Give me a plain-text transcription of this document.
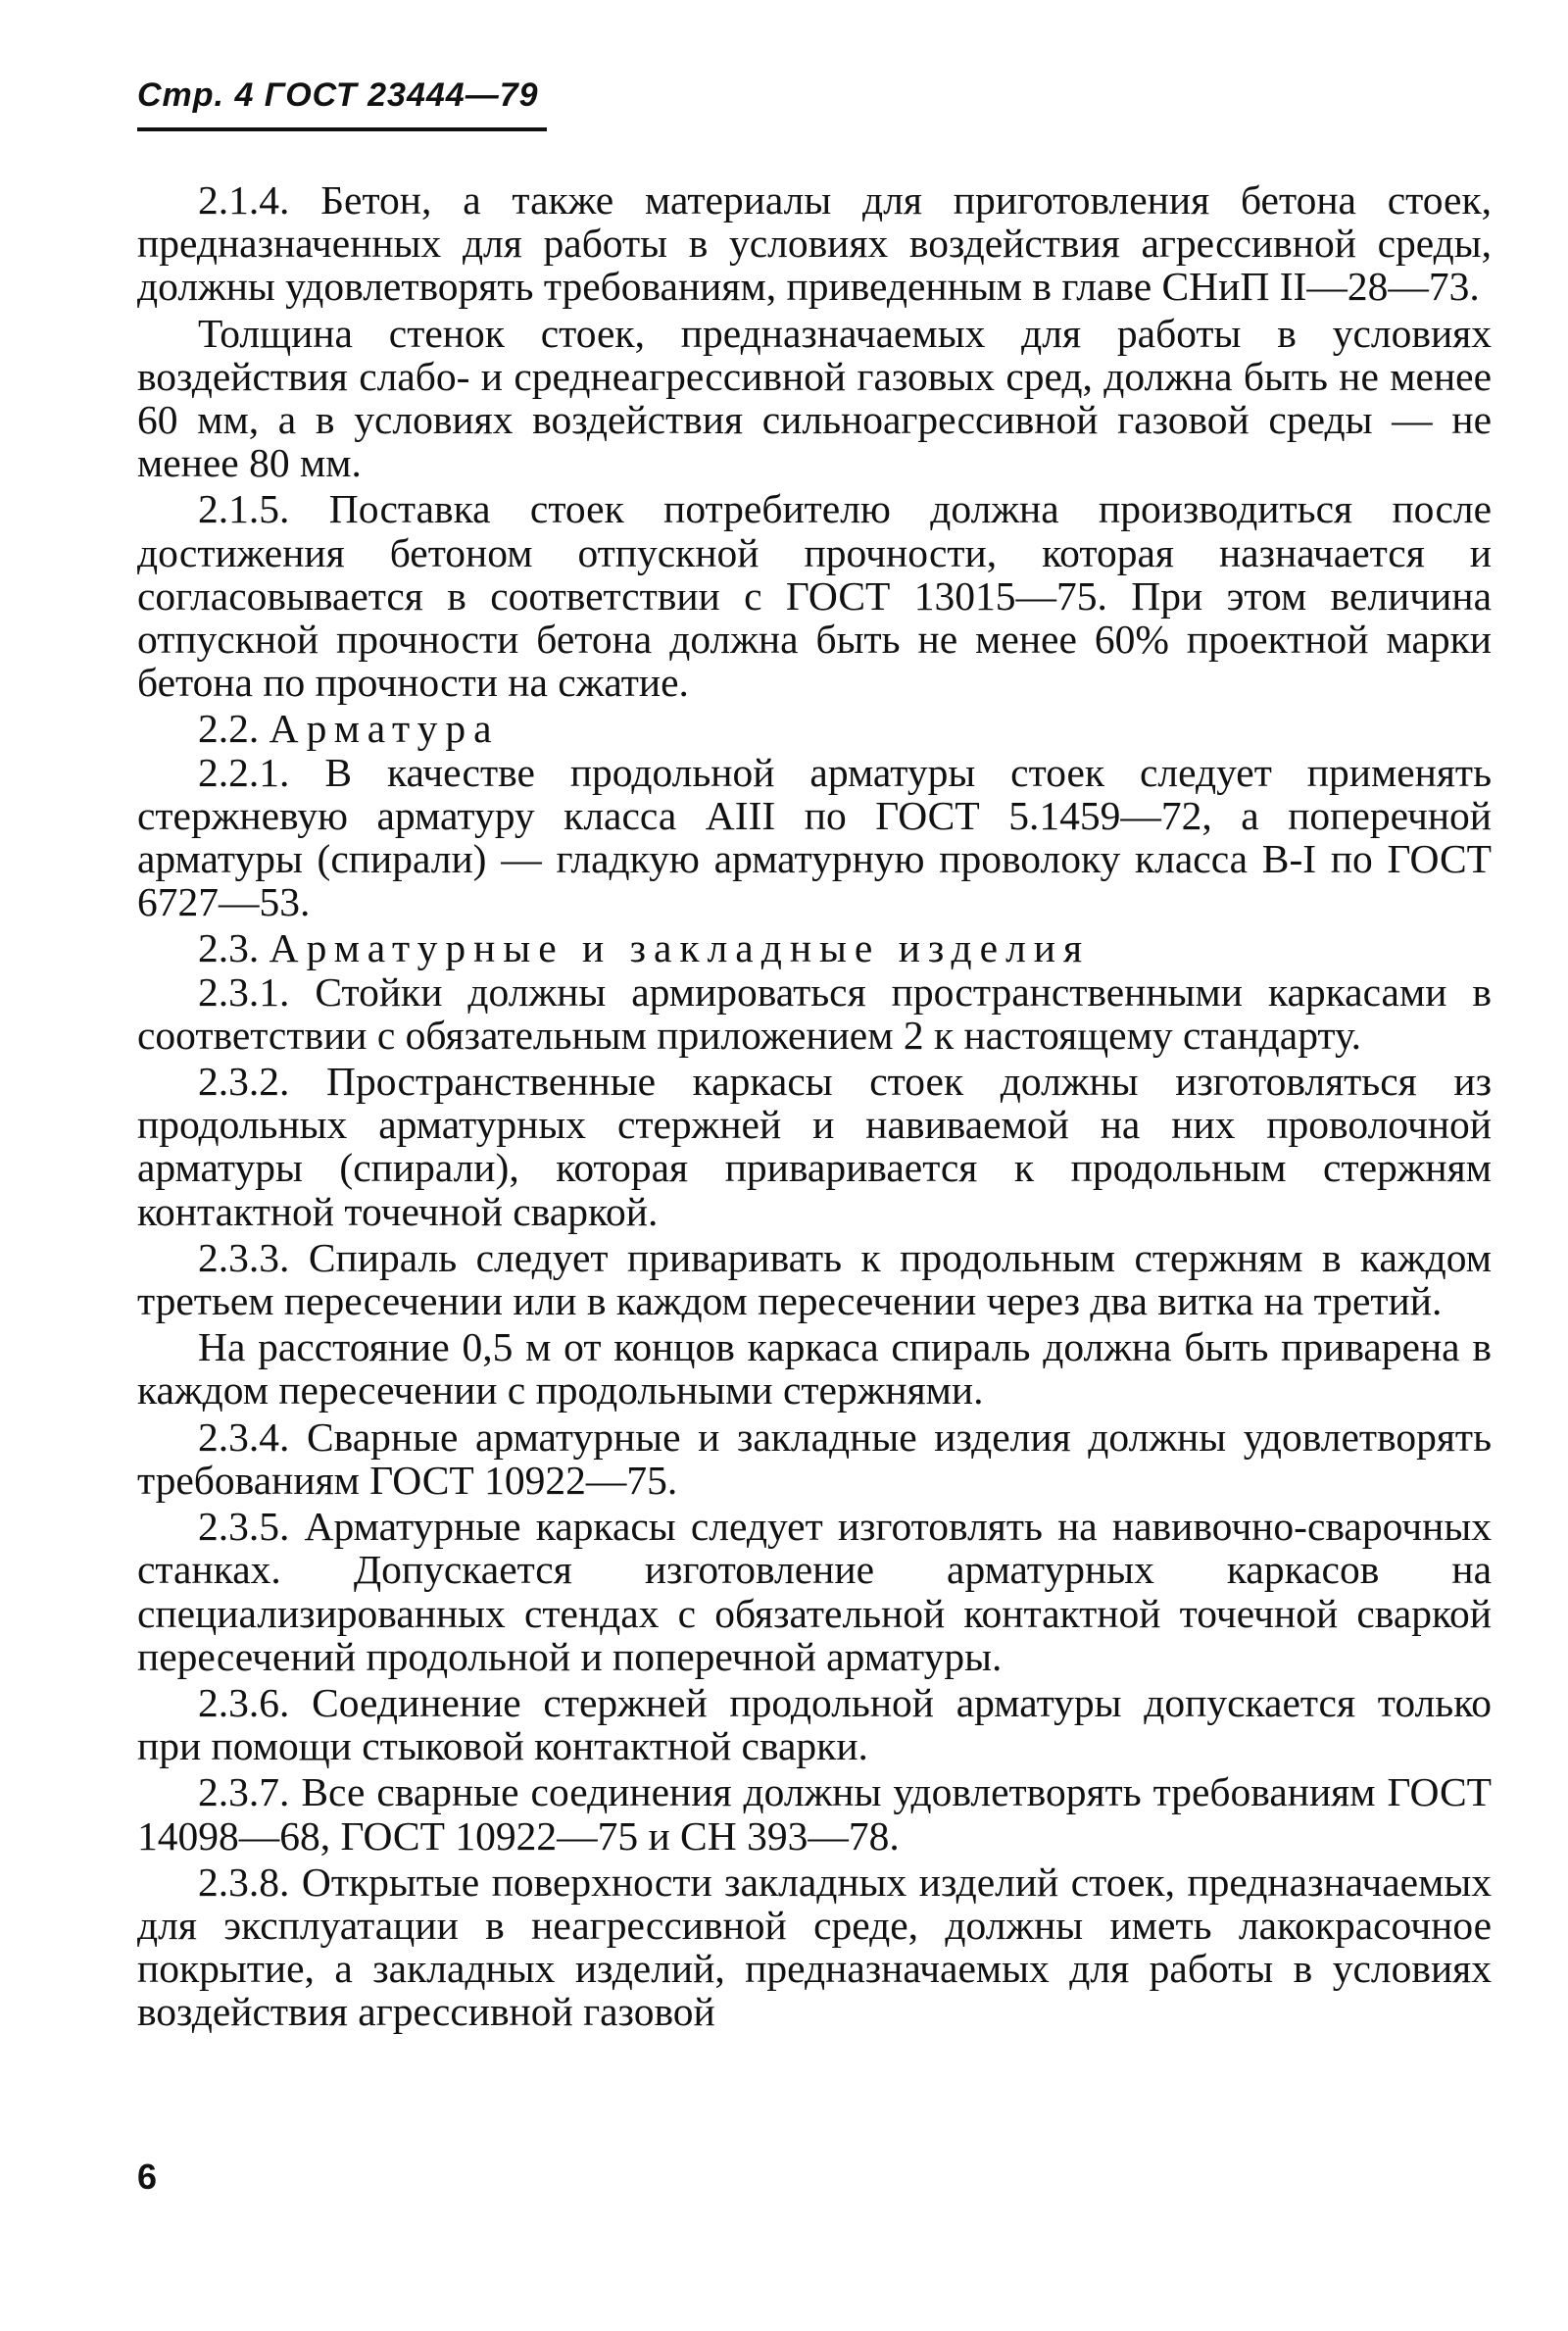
Стр. 4 ГОСТ 23444—79

2.1.4. Бетон, а также материалы для приготовления бетона стоек, предназначенных для работы в условиях воздействия агрессивной среды, должны удовлетворять требованиям, приведенным в главе СНиП II—28—73.

Толщина стенок стоек, предназначаемых для работы в условиях воздействия слабо- и среднеагрессивной газовых сред, должна быть не менее 60 мм, а в условиях воздействия сильноагрессивной газовой среды — не менее 80 мм.

2.1.5. Поставка стоек потребителю должна производиться после достижения бетоном отпускной прочности, которая назначается и согласовывается в соответствии с ГОСТ 13015—75. При этом величина отпускной прочности бетона должна быть не менее 60% проектной марки бетона по прочности на сжатие.

2.2. Арматура

2.2.1. В качестве продольной арматуры стоек следует применять стержневую арматуру класса AIII по ГОСТ 5.1459—72, а поперечной арматуры (спирали) — гладкую арматурную проволоку класса В-I по ГОСТ 6727—53.

2.3. Арматурные и закладные изделия

2.3.1. Стойки должны армироваться пространственными каркасами в соответствии с обязательным приложением 2 к настоящему стандарту.

2.3.2. Пространственные каркасы стоек должны изготовляться из продольных арматурных стержней и навиваемой на них проволочной арматуры (спирали), которая приваривается к продольным стержням контактной точечной сваркой.

2.3.3. Спираль следует приваривать к продольным стержням в каждом третьем пересечении или в каждом пересечении через два витка на третий.

На расстояние 0,5 м от концов каркаса спираль должна быть приварена в каждом пересечении с продольными стержнями.

2.3.4. Сварные арматурные и закладные изделия должны удовлетворять требованиям ГОСТ 10922—75.

2.3.5. Арматурные каркасы следует изготовлять на навивочно-сварочных станках. Допускается изготовление арматурных каркасов на специализированных стендах с обязательной контактной точечной сваркой пересечений продольной и поперечной арматуры.

2.3.6. Соединение стержней продольной арматуры допускается только при помощи стыковой контактной сварки.

2.3.7. Все сварные соединения должны удовлетворять требованиям ГОСТ 14098—68, ГОСТ 10922—75 и СН 393—78.

2.3.8. Открытые поверхности закладных изделий стоек, предназначаемых для эксплуатации в неагрессивной среде, должны иметь лакокрасочное покрытие, а закладных изделий, предназначаемых для работы в условиях воздействия агрессивной газовой

6
